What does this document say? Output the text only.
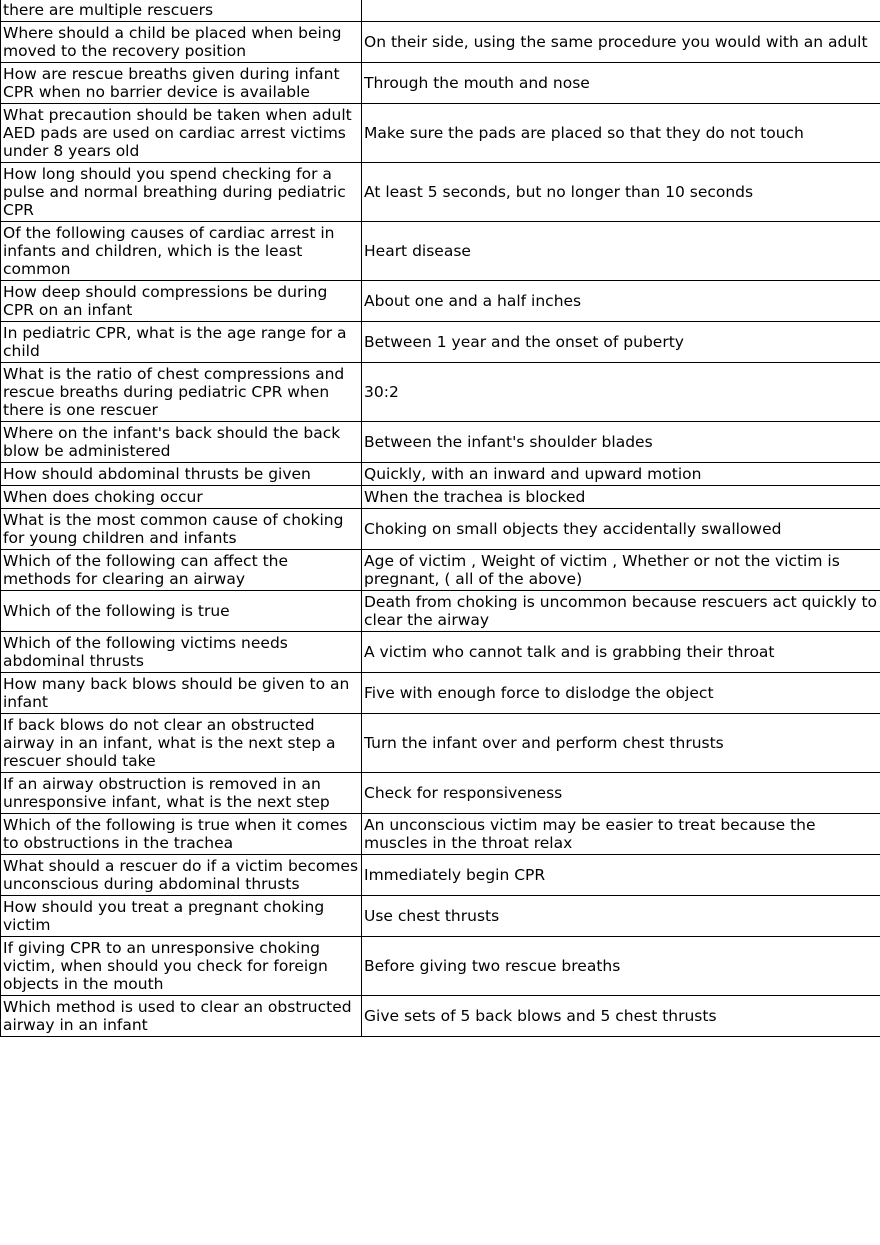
there are multiple rescuers	
Where should a child be placed when being moved to the recovery position	On their side, using the same procedure you would with an adult
How are rescue breaths given during infant CPR when no barrier device is available	Through the mouth and nose
What precaution should be taken when adult AED pads are used on cardiac arrest victims under 8 years old	Make sure the pads are placed so that they do not touch
How long should you spend checking for a pulse and normal breathing during pediatric CPR	At least 5 seconds, but no longer than 10 seconds
Of the following causes of cardiac arrest in infants and children, which is the least common	Heart disease
How deep should compressions be during CPR on an infant	About one and a half inches
In pediatric CPR, what is the age range for a child	Between 1 year and the onset of puberty
What is the ratio of chest compressions and rescue breaths during pediatric CPR when there is one rescuer	30:2
Where on the infant's back should the back blow be administered	Between the infant's shoulder blades
How should abdominal thrusts be given	Quickly, with an inward and upward motion
When does choking occur	When the trachea is blocked
What is the most common cause of choking for young children and infants	Choking on small objects they accidentally swallowed
Which of the following can affect the methods for clearing an airway	Age of victim , Weight of victim , Whether or not the victim is pregnant, ( all of the above)
Which of the following is true	Death from choking is uncommon because rescuers act quickly to clear the airway
Which of the following victims needs abdominal thrusts	A victim who cannot talk and is grabbing their throat
How many back blows should be given to an infant	Five with enough force to dislodge the object
If back blows do not clear an obstructed airway in an infant, what is the next step a rescuer should take	Turn the infant over and perform chest thrusts
If an airway obstruction is removed in an unresponsive infant, what is the next step	Check for responsiveness
Which of the following is true when it comes to obstructions in the trachea	An unconscious victim may be easier to treat because the muscles in the throat relax
What should a rescuer do if a victim becomes unconscious during abdominal thrusts	Immediately begin CPR
How should you treat a pregnant choking victim	Use chest thrusts
If giving CPR to an unresponsive choking victim, when should you check for foreign objects in the mouth	Before giving two rescue breaths
Which method is used to clear an obstructed airway in an infant	Give sets of 5 back blows and 5 chest thrusts
